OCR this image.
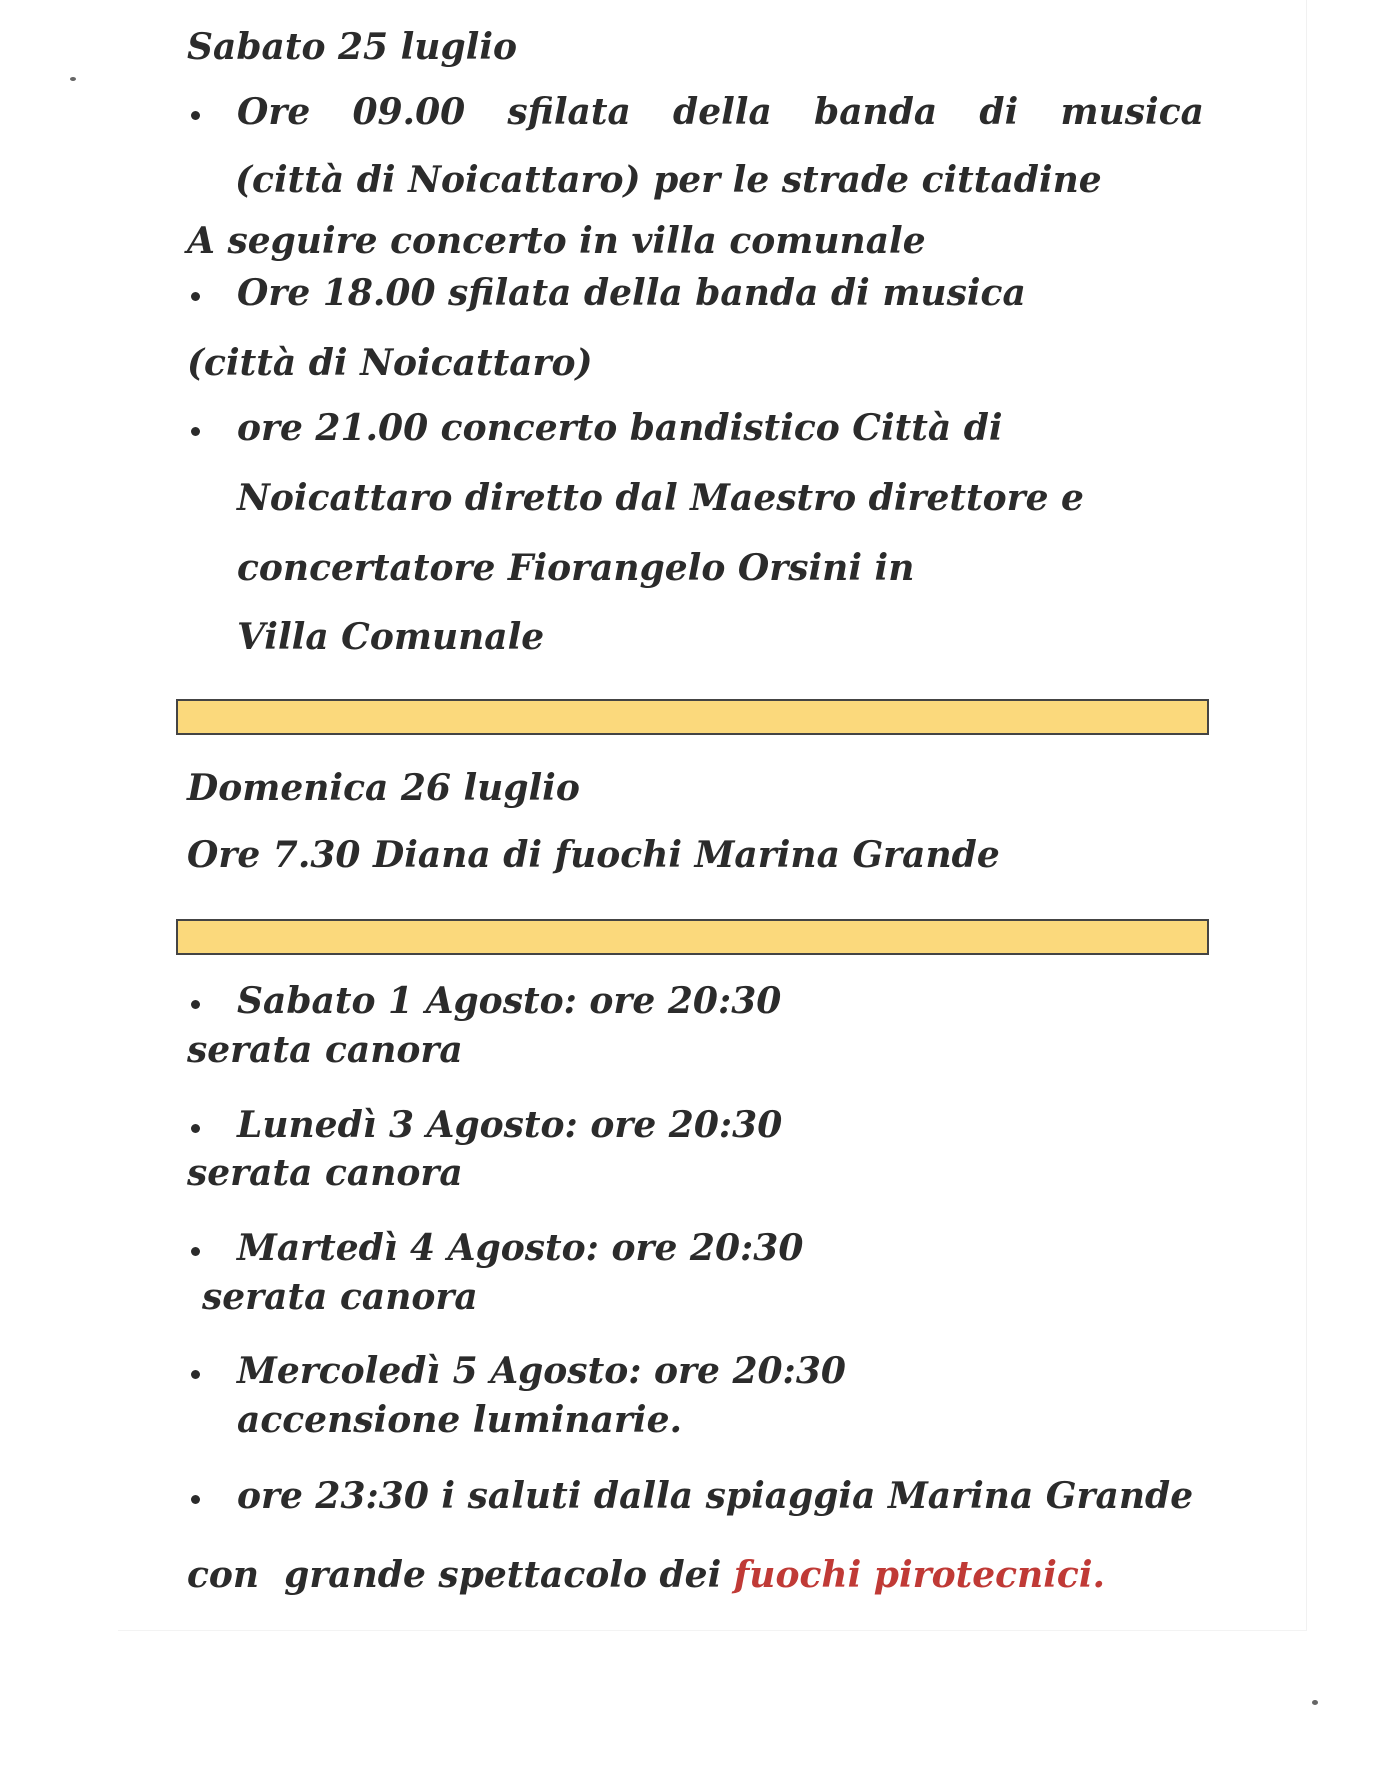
Sabato 25 luglio
Ore 09.00 sfilata della banda di musica
(città di Noicattaro) per le strade cittadine
A seguire concerto in villa comunale
Ore 18.00 sfilata della banda di musica
(città di Noicattaro)
ore 21.00 concerto bandistico Città di
Noicattaro diretto dal Maestro direttore e
concertatore Fiorangelo Orsini in
Villa Comunale
Domenica 26 luglio
Ore 7.30 Diana di fuochi Marina Grande
Sabato 1 Agosto: ore 20:30
serata canora
Lunedì 3 Agosto: ore 20:30
serata canora
Martedì 4 Agosto: ore 20:30
serata canora
Mercoledì 5 Agosto: ore 20:30
accensione luminarie.
ore 23:30 i saluti dalla spiaggia Marina Grande
con  grande spettacolo dei fuochi pirotecnici.
